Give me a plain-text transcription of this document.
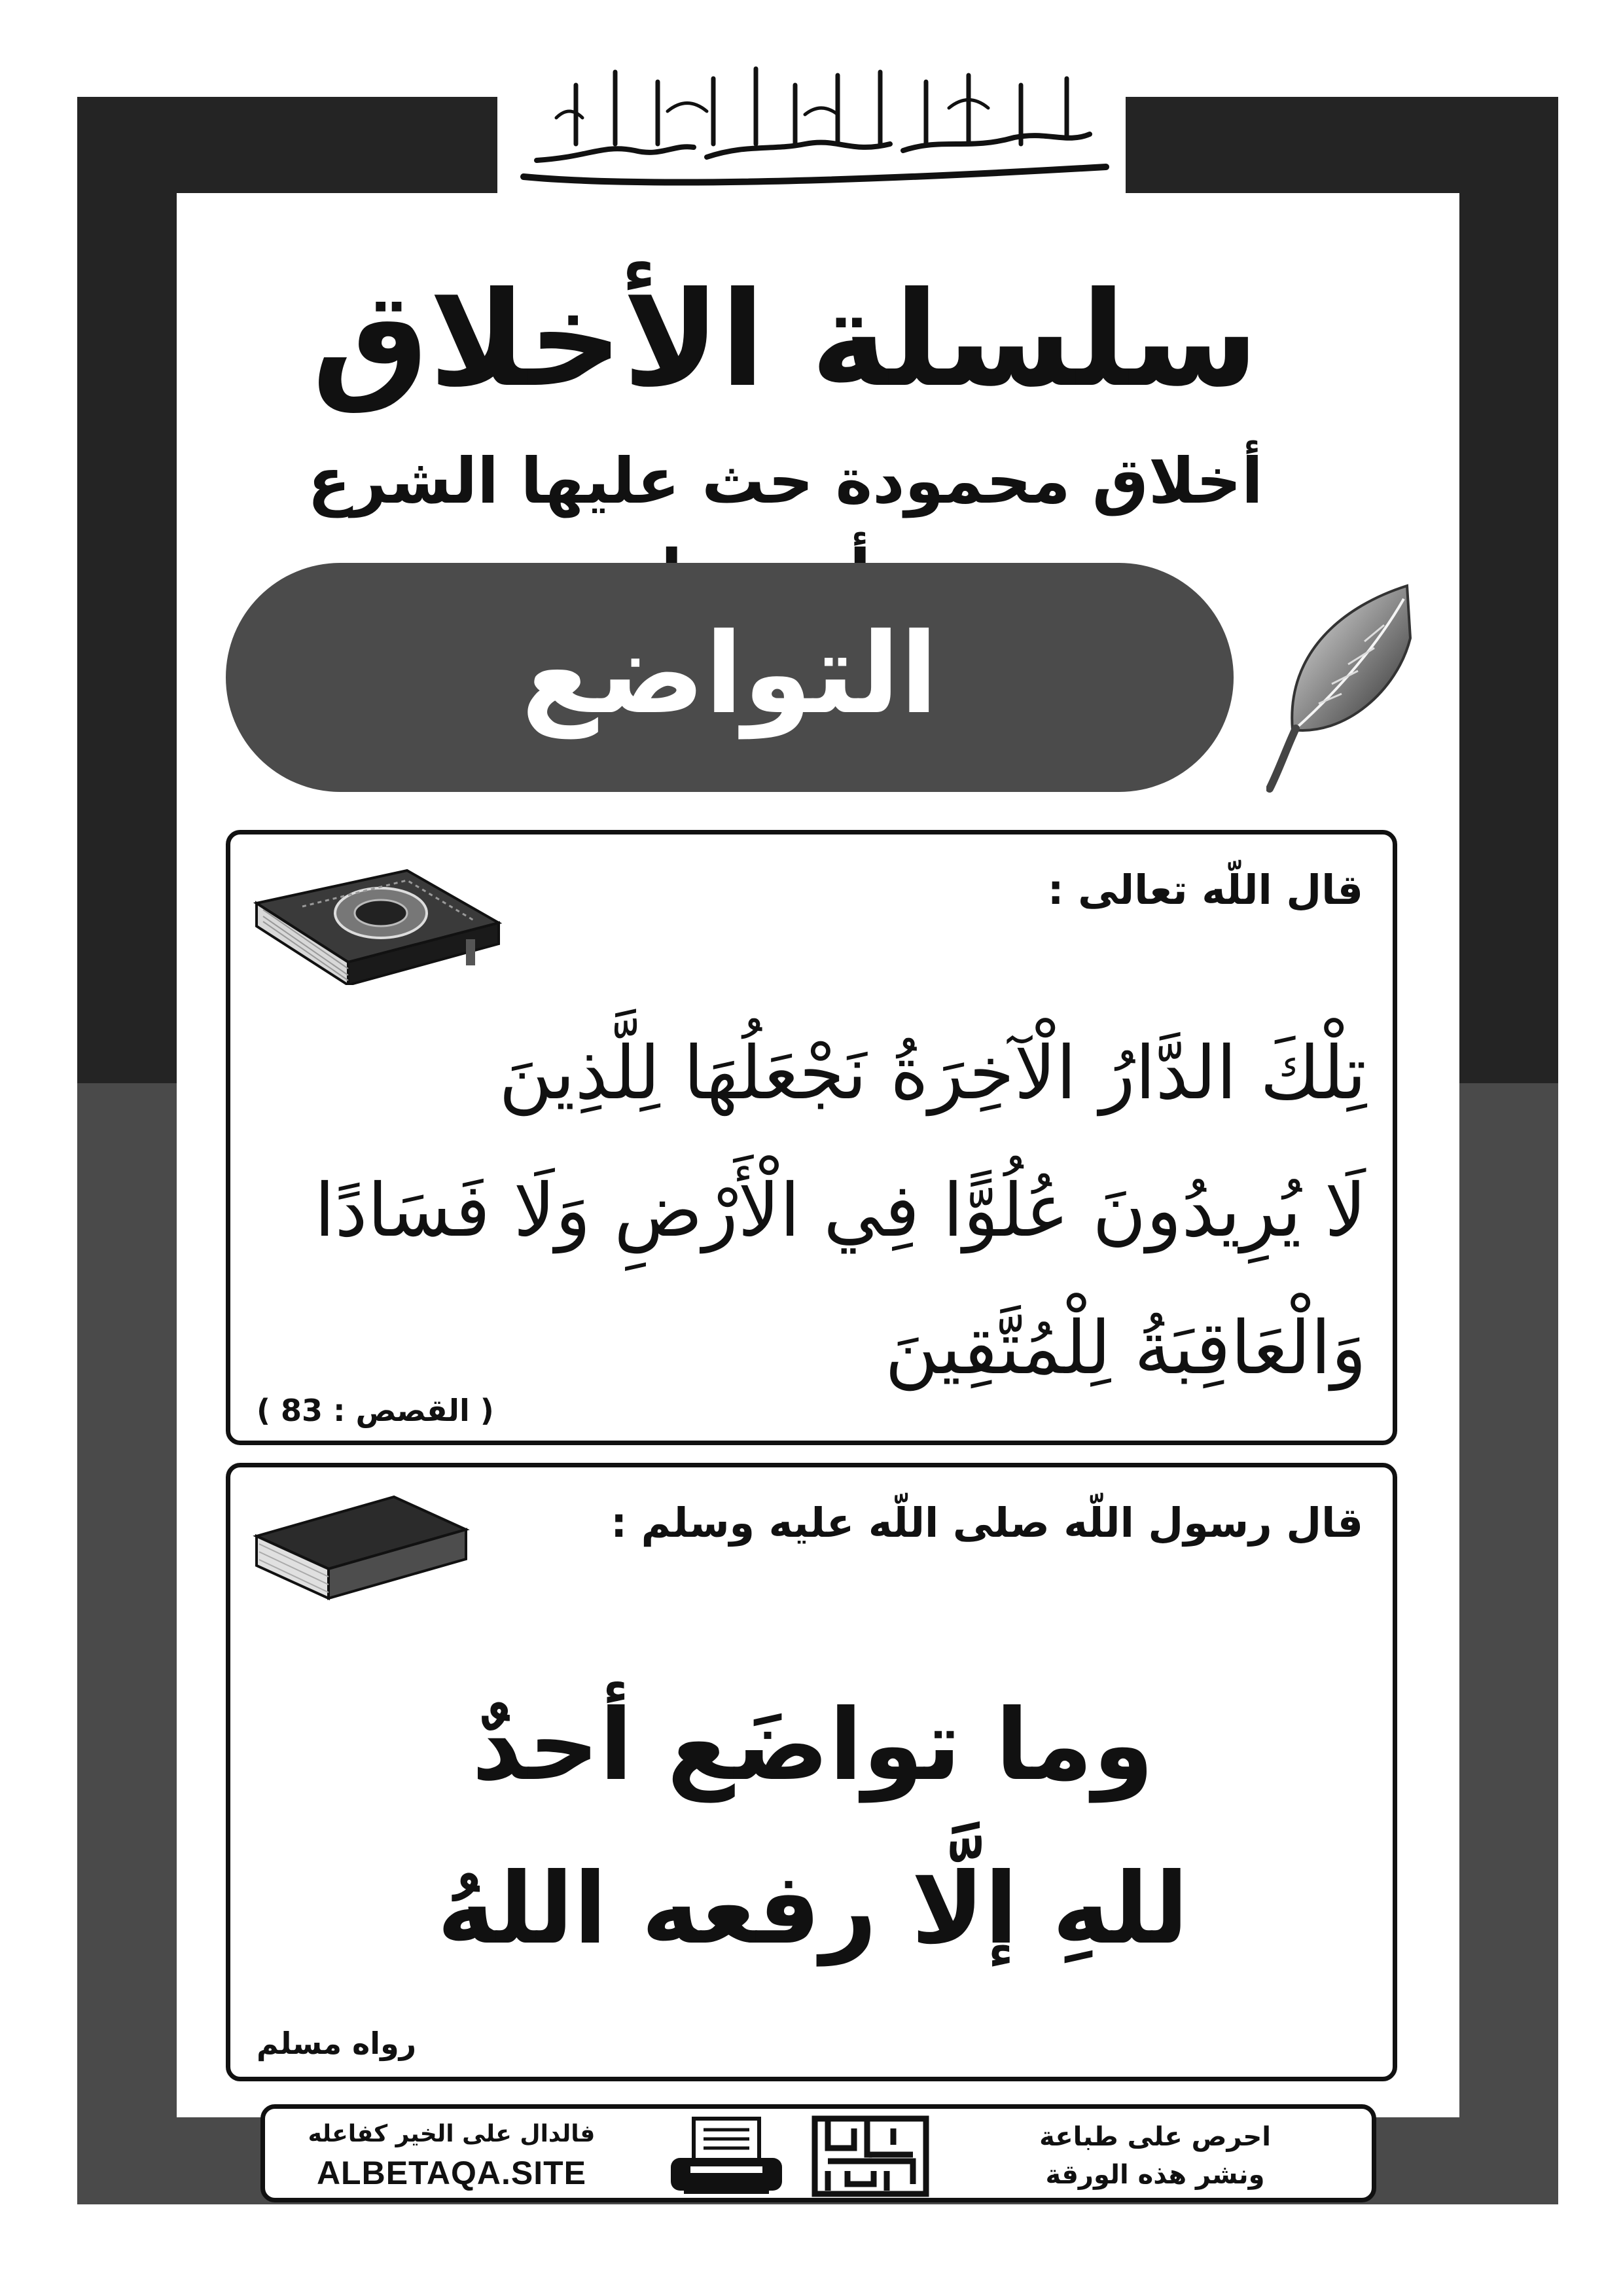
سلسلة الأخلاق
أخلاق محمودة حث عليها الشرع
التواضع
قال اللّه تعالى :
تِلْكَ الدَّارُ الْآخِرَةُ نَجْعَلُهَا لِلَّذِينَ
لَا يُرِيدُونَ عُلُوًّا فِي الْأَرْضِ وَلَا فَسَادًا
وَالْعَاقِبَةُ لِلْمُتَّقِينَ
( القصص : 83 )
قال رسول اللّه صلى اللّه عليه وسلم :
وما تواضَع أحدٌ
للهِ إلَّا رفعه اللهُ
رواه مسلم
فالدال على الخير كفاعله
ALBETAQA.SITE	دعوة الورقة
احرص على طباعة
ونشر هذه الورقة
